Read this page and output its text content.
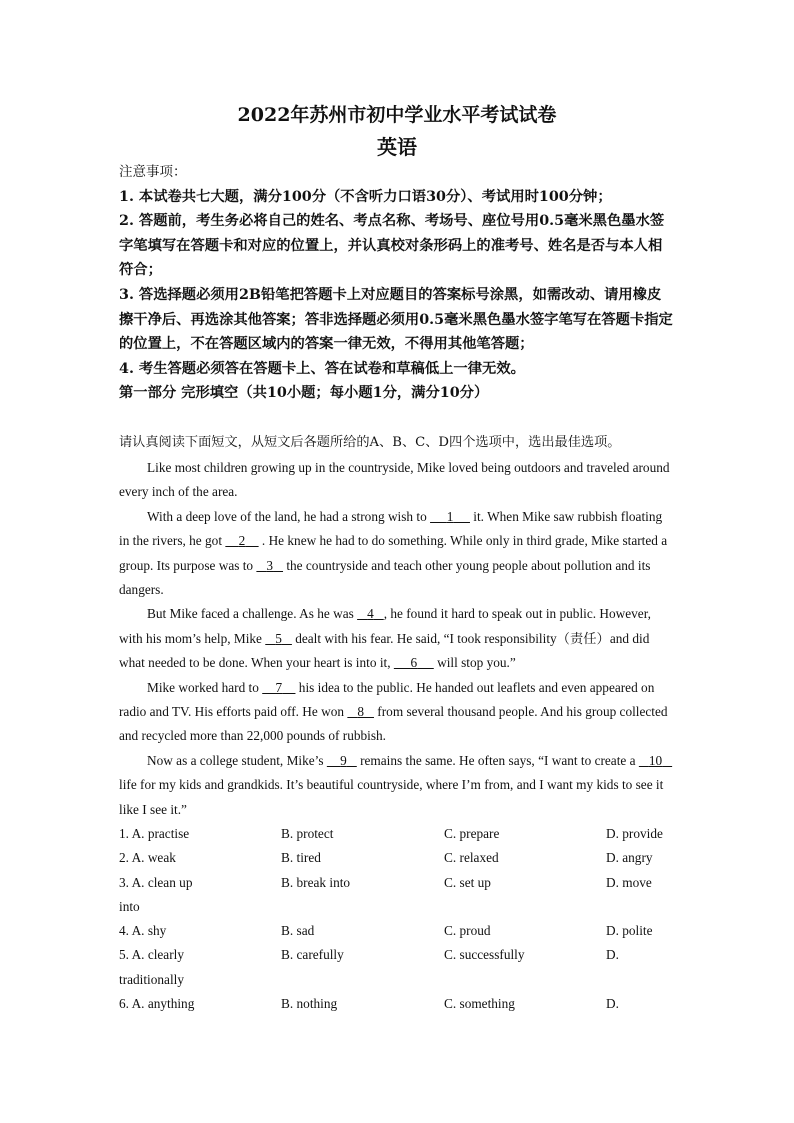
2022年苏州市初中学业水平考试试卷
英语
注意事项：
1. 本试卷共七大题，满分100分（不含听力口语30分）、考试用时100分钟；
2. 答题前，考生务必将自己的姓名、考点名称、考场号、座位号用0.5毫米黑色墨水签字笔填写在答题卡和对应的位置上，并认真校对条形码上的准考号、姓名是否与本人相符合；
3. 答选择题必须用2B铅笔把答题卡上对应题目的答案标号涂黑，如需改动、请用橡皮擦干净后、再选涂其他答案；答非选择题必须用0.5毫米黑色墨水签字笔写在答题卡指定的位置上，不在答题区域内的答案一律无效，不得用其他笔答题；
4. 考生答题必须答在答题卡上、答在试卷和草稿低上一律无效。
第一部分 完形填空（共10小题；每小题1分，满分10分）
请认真阅读下面短文，从短文后各题所给的A、B、C、D四个选项中，选出最佳选项。
Like most children growing up in the countryside, Mike loved being outdoors and traveled around every inch of the area.
With a deep love of the land, he had a strong wish to      1      it. When Mike saw rubbish floating in the rivers, he got     2     . He knew he had to do something. While only in third grade, Mike started a group. Its purpose was to    3    the countryside and teach other young people about pollution and its dangers.
But Mike faced a challenge. As he was    4 , he found it hard to speak out in public. However, with his mom’s help, Mike    5    dealt with his fear. He said, “I took responsibility（责任）and did what needed to be done. When your heart is into it,      6      will stop you.”
Mike worked hard to     7     his idea to the public. He handed out leaflets and even appeared on radio and TV. His efforts paid off. He won    8    from several thousand people. And his group collected and recycled more than 22,000 pounds of rubbish.
Now as a college student, Mike’s     9    remains the same. He often says, “I want to create a    10    life for my kids and grandkids. It’s beautiful countryside, where I’m from, and I want my kids to see it like I see it.”
1. A. practise	B. protect	C. prepare	D. provide
2. A. weak	B. tired	C. relaxed	D. angry
3. A. clean up	B. break into	C. set up	D. move
into
4. A. shy	B. sad	C. proud	D. polite
5. A. clearly	B. carefully	C. successfully	D.
traditionally
6. A. anything	B. nothing	C. something	D.
